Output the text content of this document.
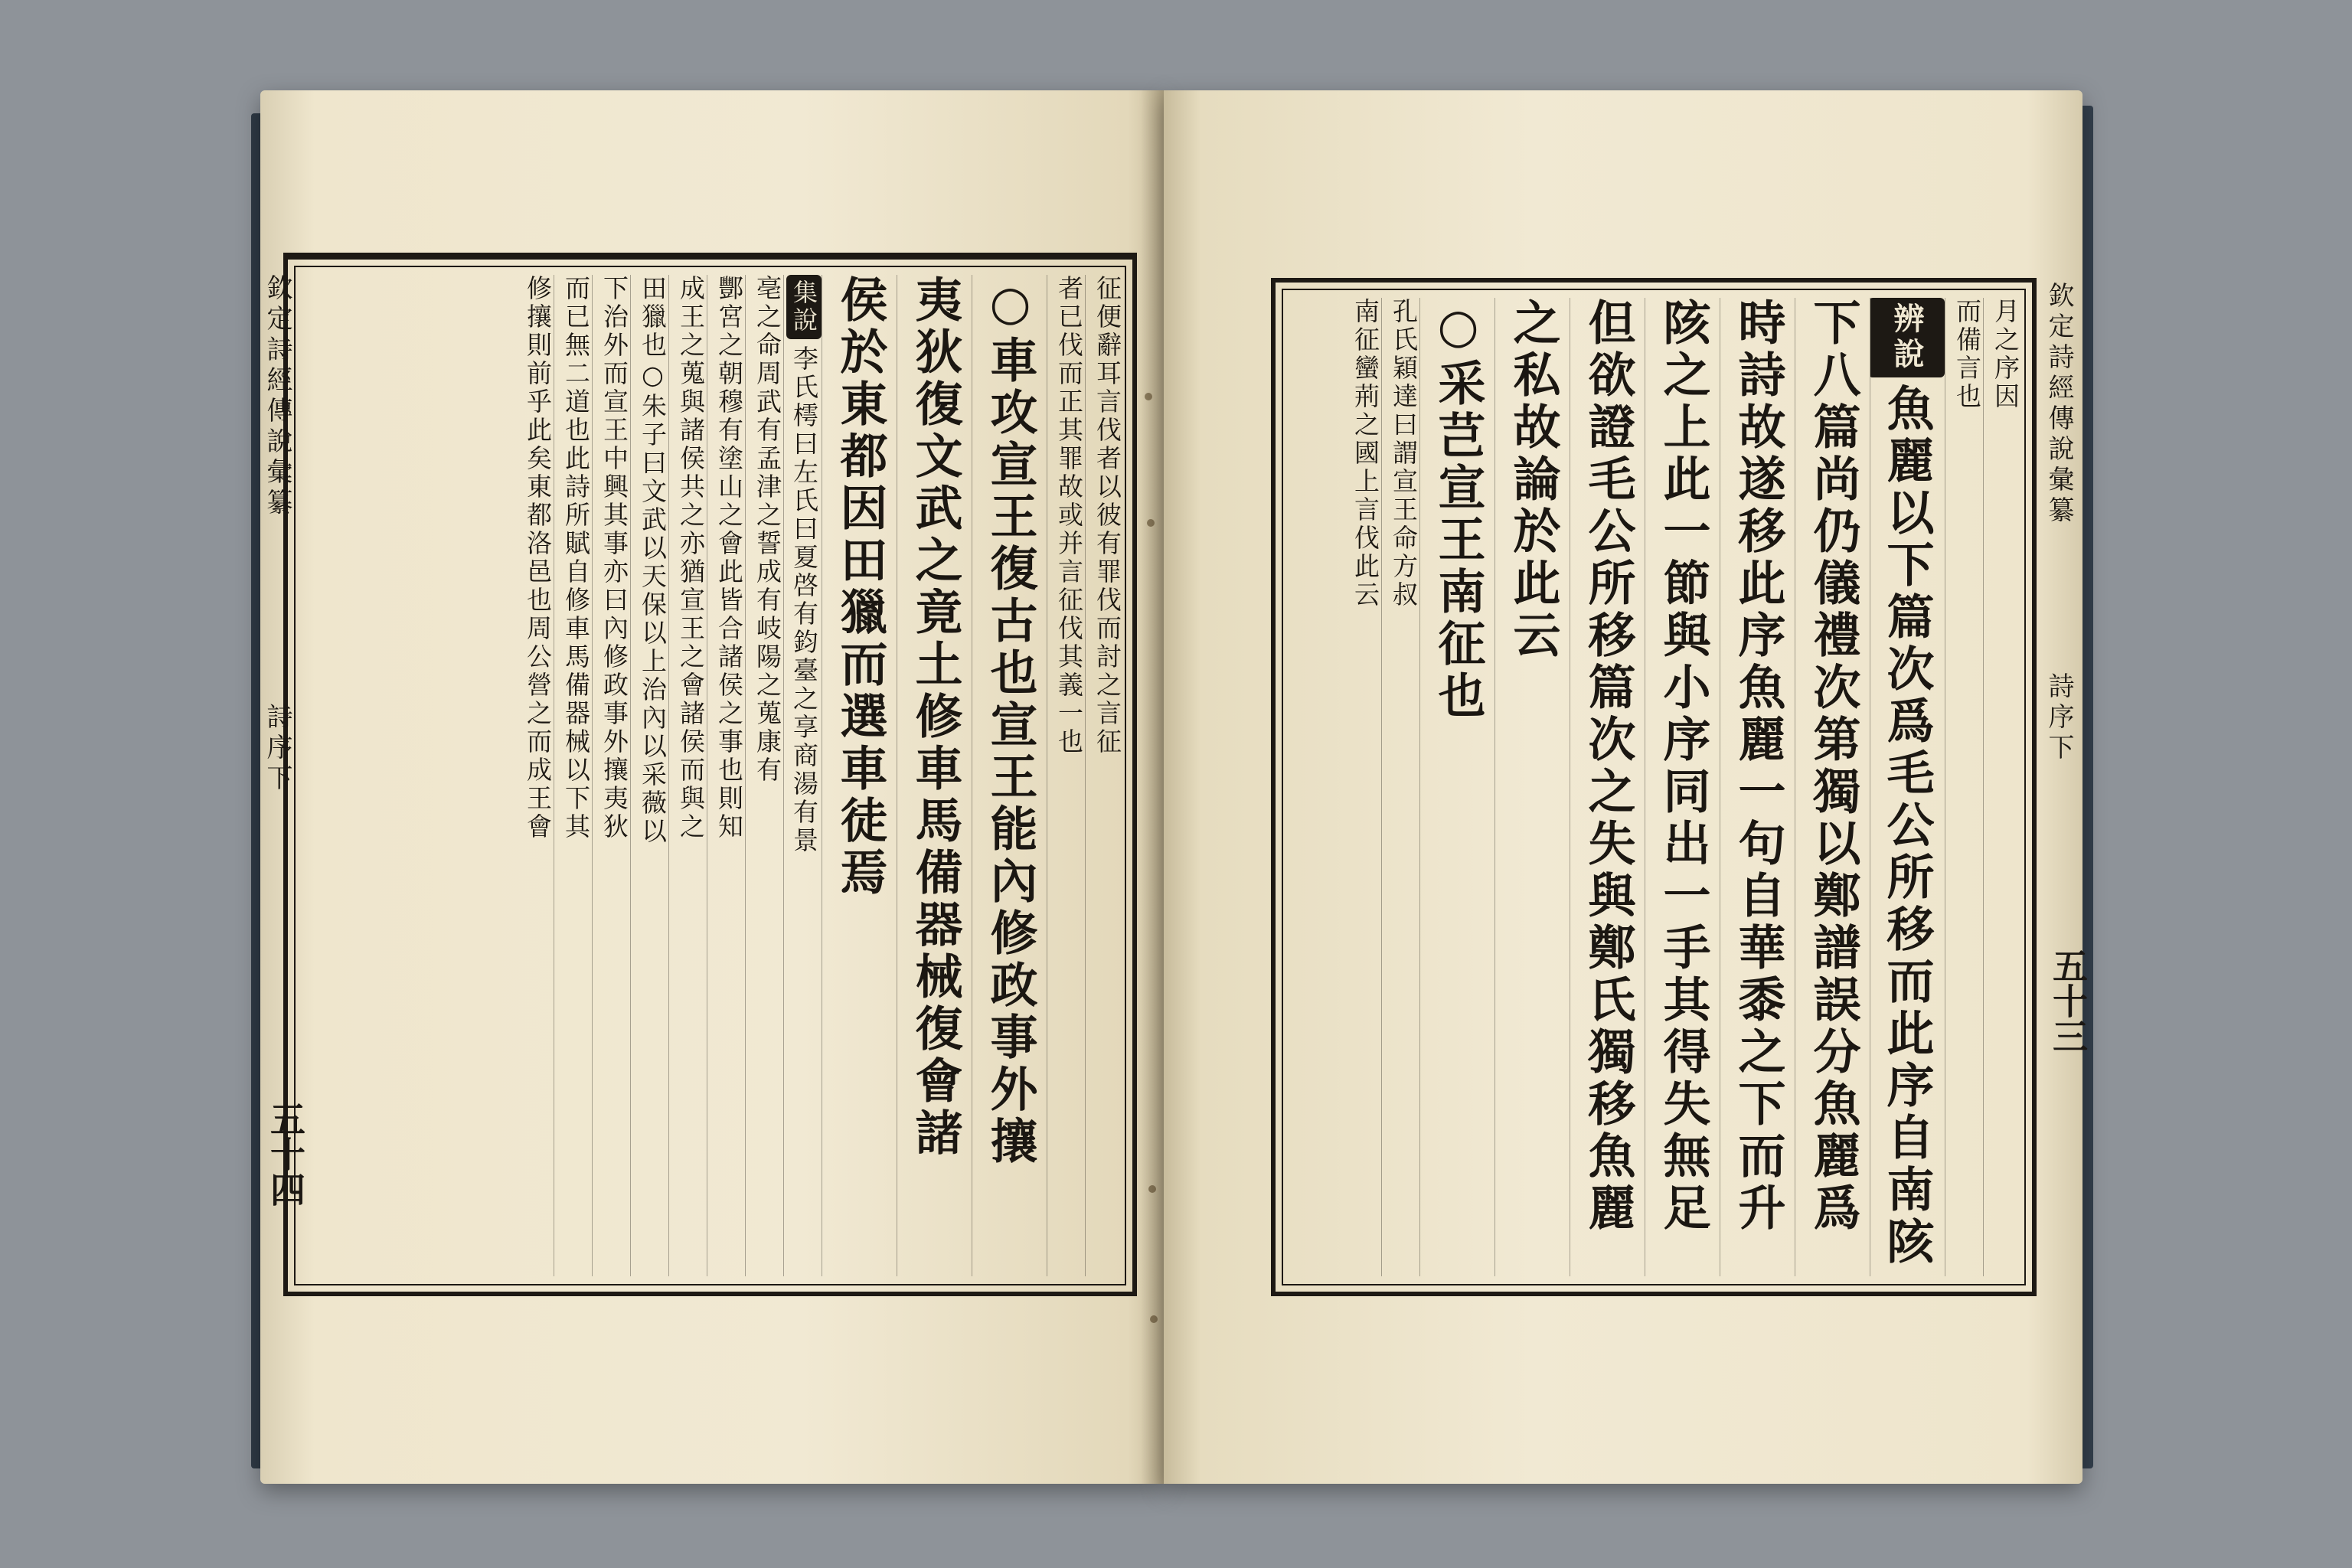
征便辭耳言伐者以彼有罪伐而討之言征
者已伐而正其罪故或并言征伐其義一也
○車攻宣王復古也宣王能內修政事外攘
夷狄復文武之竟土修車馬備器械復會諸
侯於東都因田獵而選車徒焉
集說李氏樗曰左氏曰夏啓有鈞臺之享商湯有景
亳之命周武有孟津之誓成有岐陽之蒐康有
酆宮之朝穆有塗山之會此皆合諸侯之事也則知
成王之蒐與諸侯共之亦猶宣王之會諸侯而與之
田獵也○朱子曰文武以天保以上治內以采薇以
下治外而宣王中興其事亦曰內修政事外攘夷狄
而已無二道也此詩所賦自修車馬備器械以下其
修攘則前乎此矣東都洛邑也周公營之而成王會
欽定詩經傳說彙纂
詩序下
五十四
月之序因
而備言也
辨說魚麗以下篇次爲毛公所移而此序自南陔
下八篇尚仍儀禮次第獨以鄭譜誤分魚麗爲
時詩故遂移此序魚麗一句自華黍之下而升
陔之上此一節與小序同出一手其得失無足
但欲證毛公所移篇次之失與鄭氏獨移魚麗
之私故論於此云
○采芑宣王南征也
孔氏穎達曰謂宣王命方叔
南征蠻荊之國上言伐此云	欽定詩經傳說彙纂
詩序下
五十三
